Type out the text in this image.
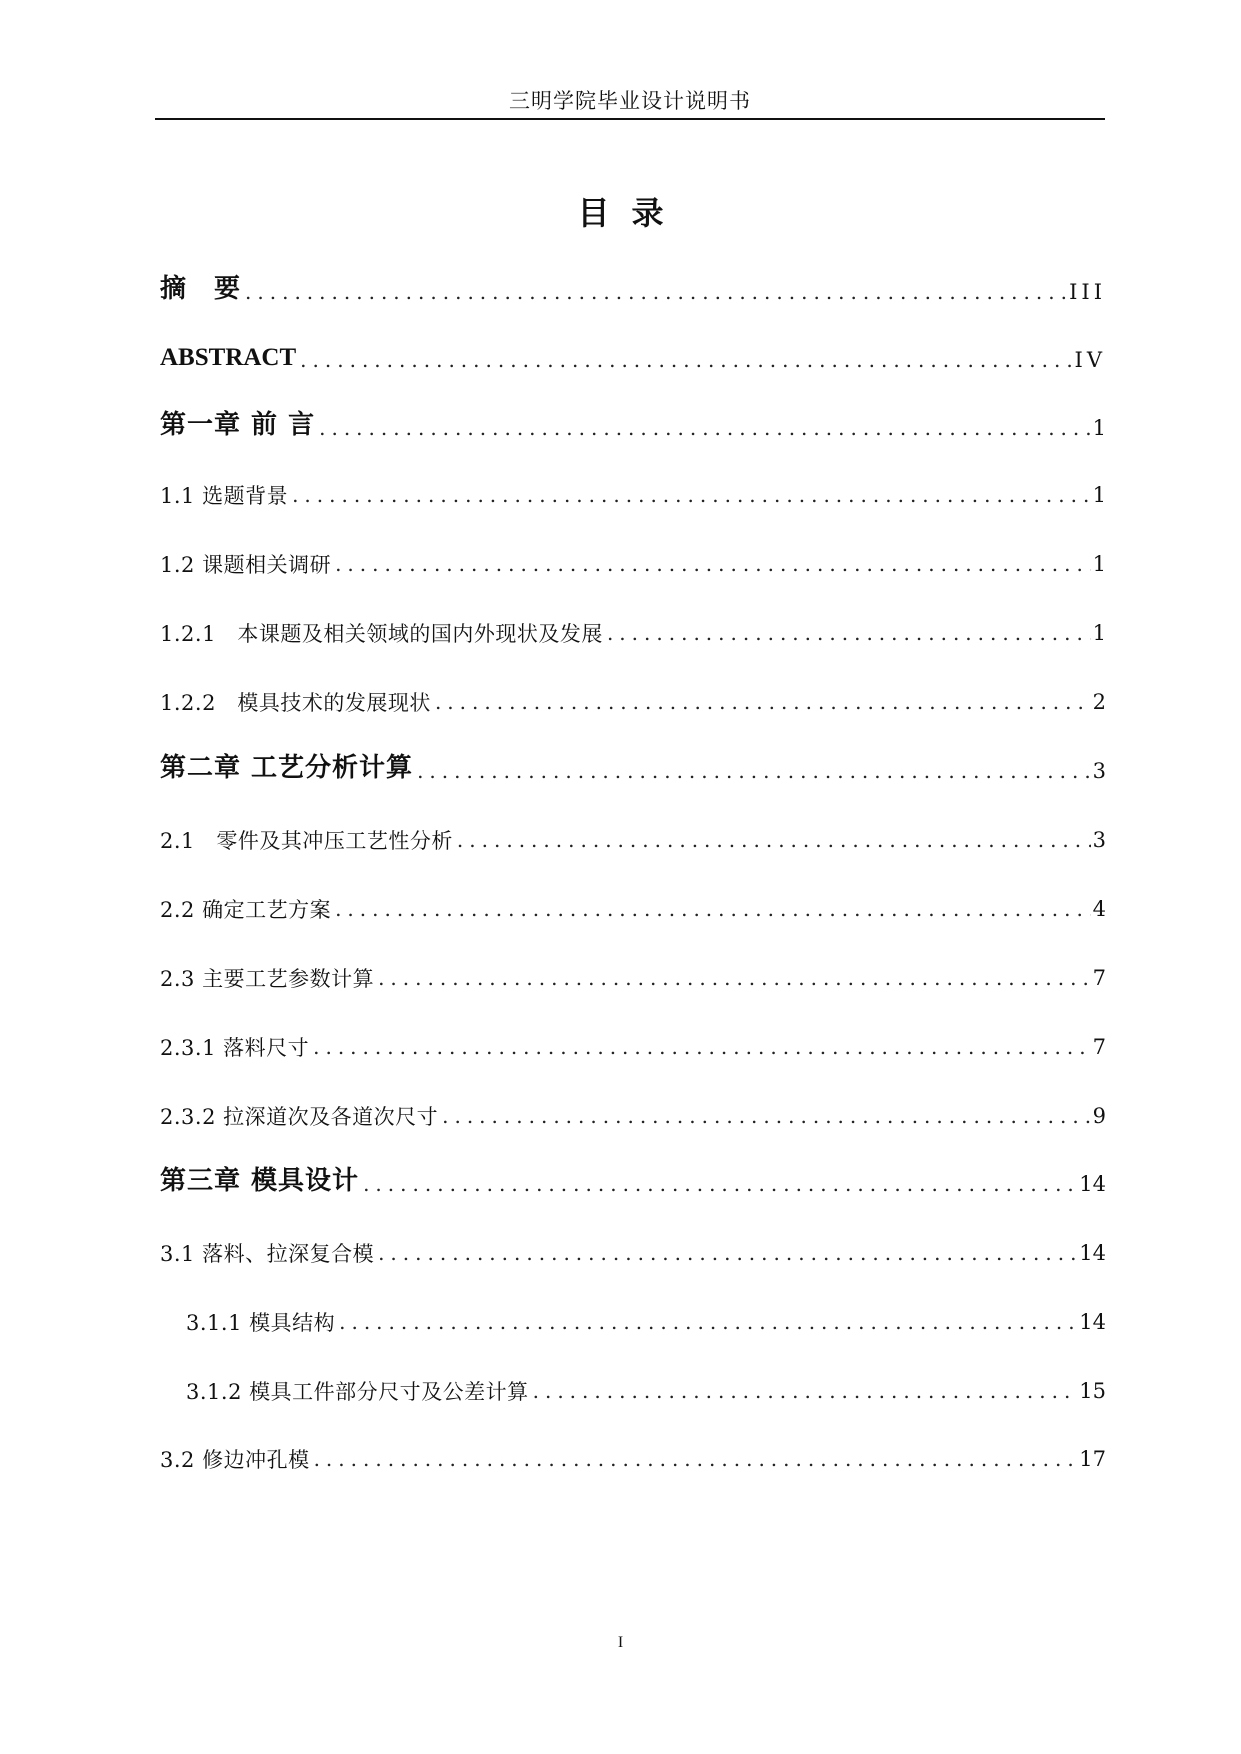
三明学院毕业设计说明书
目录
摘　要 .....	III
ABSTRACT .....	IV
第一章 前 言 .....	1
1.1 选题背景 .....	1
1.2 课题相关调研 .....	1
1.2.1　本课题及相关领域的国内外现状及发展 .....	1
1.2.2　模具技术的发展现状 .....	2
第二章 工艺分析计算 .....	3
2.1　零件及其冲压工艺性分析 .....	3
2.2 确定工艺方案 .....	4
2.3 主要工艺参数计算 .....	7
2.3.1 落料尺寸 .....	7
2.3.2 拉深道次及各道次尺寸 .....	9
第三章 模具设计 .....	14
3.1 落料、拉深复合模 .....	14
3.1.1 模具结构 .....	14
3.1.2 模具工件部分尺寸及公差计算 .....	15
3.2 修边冲孔模 .....	17
I
